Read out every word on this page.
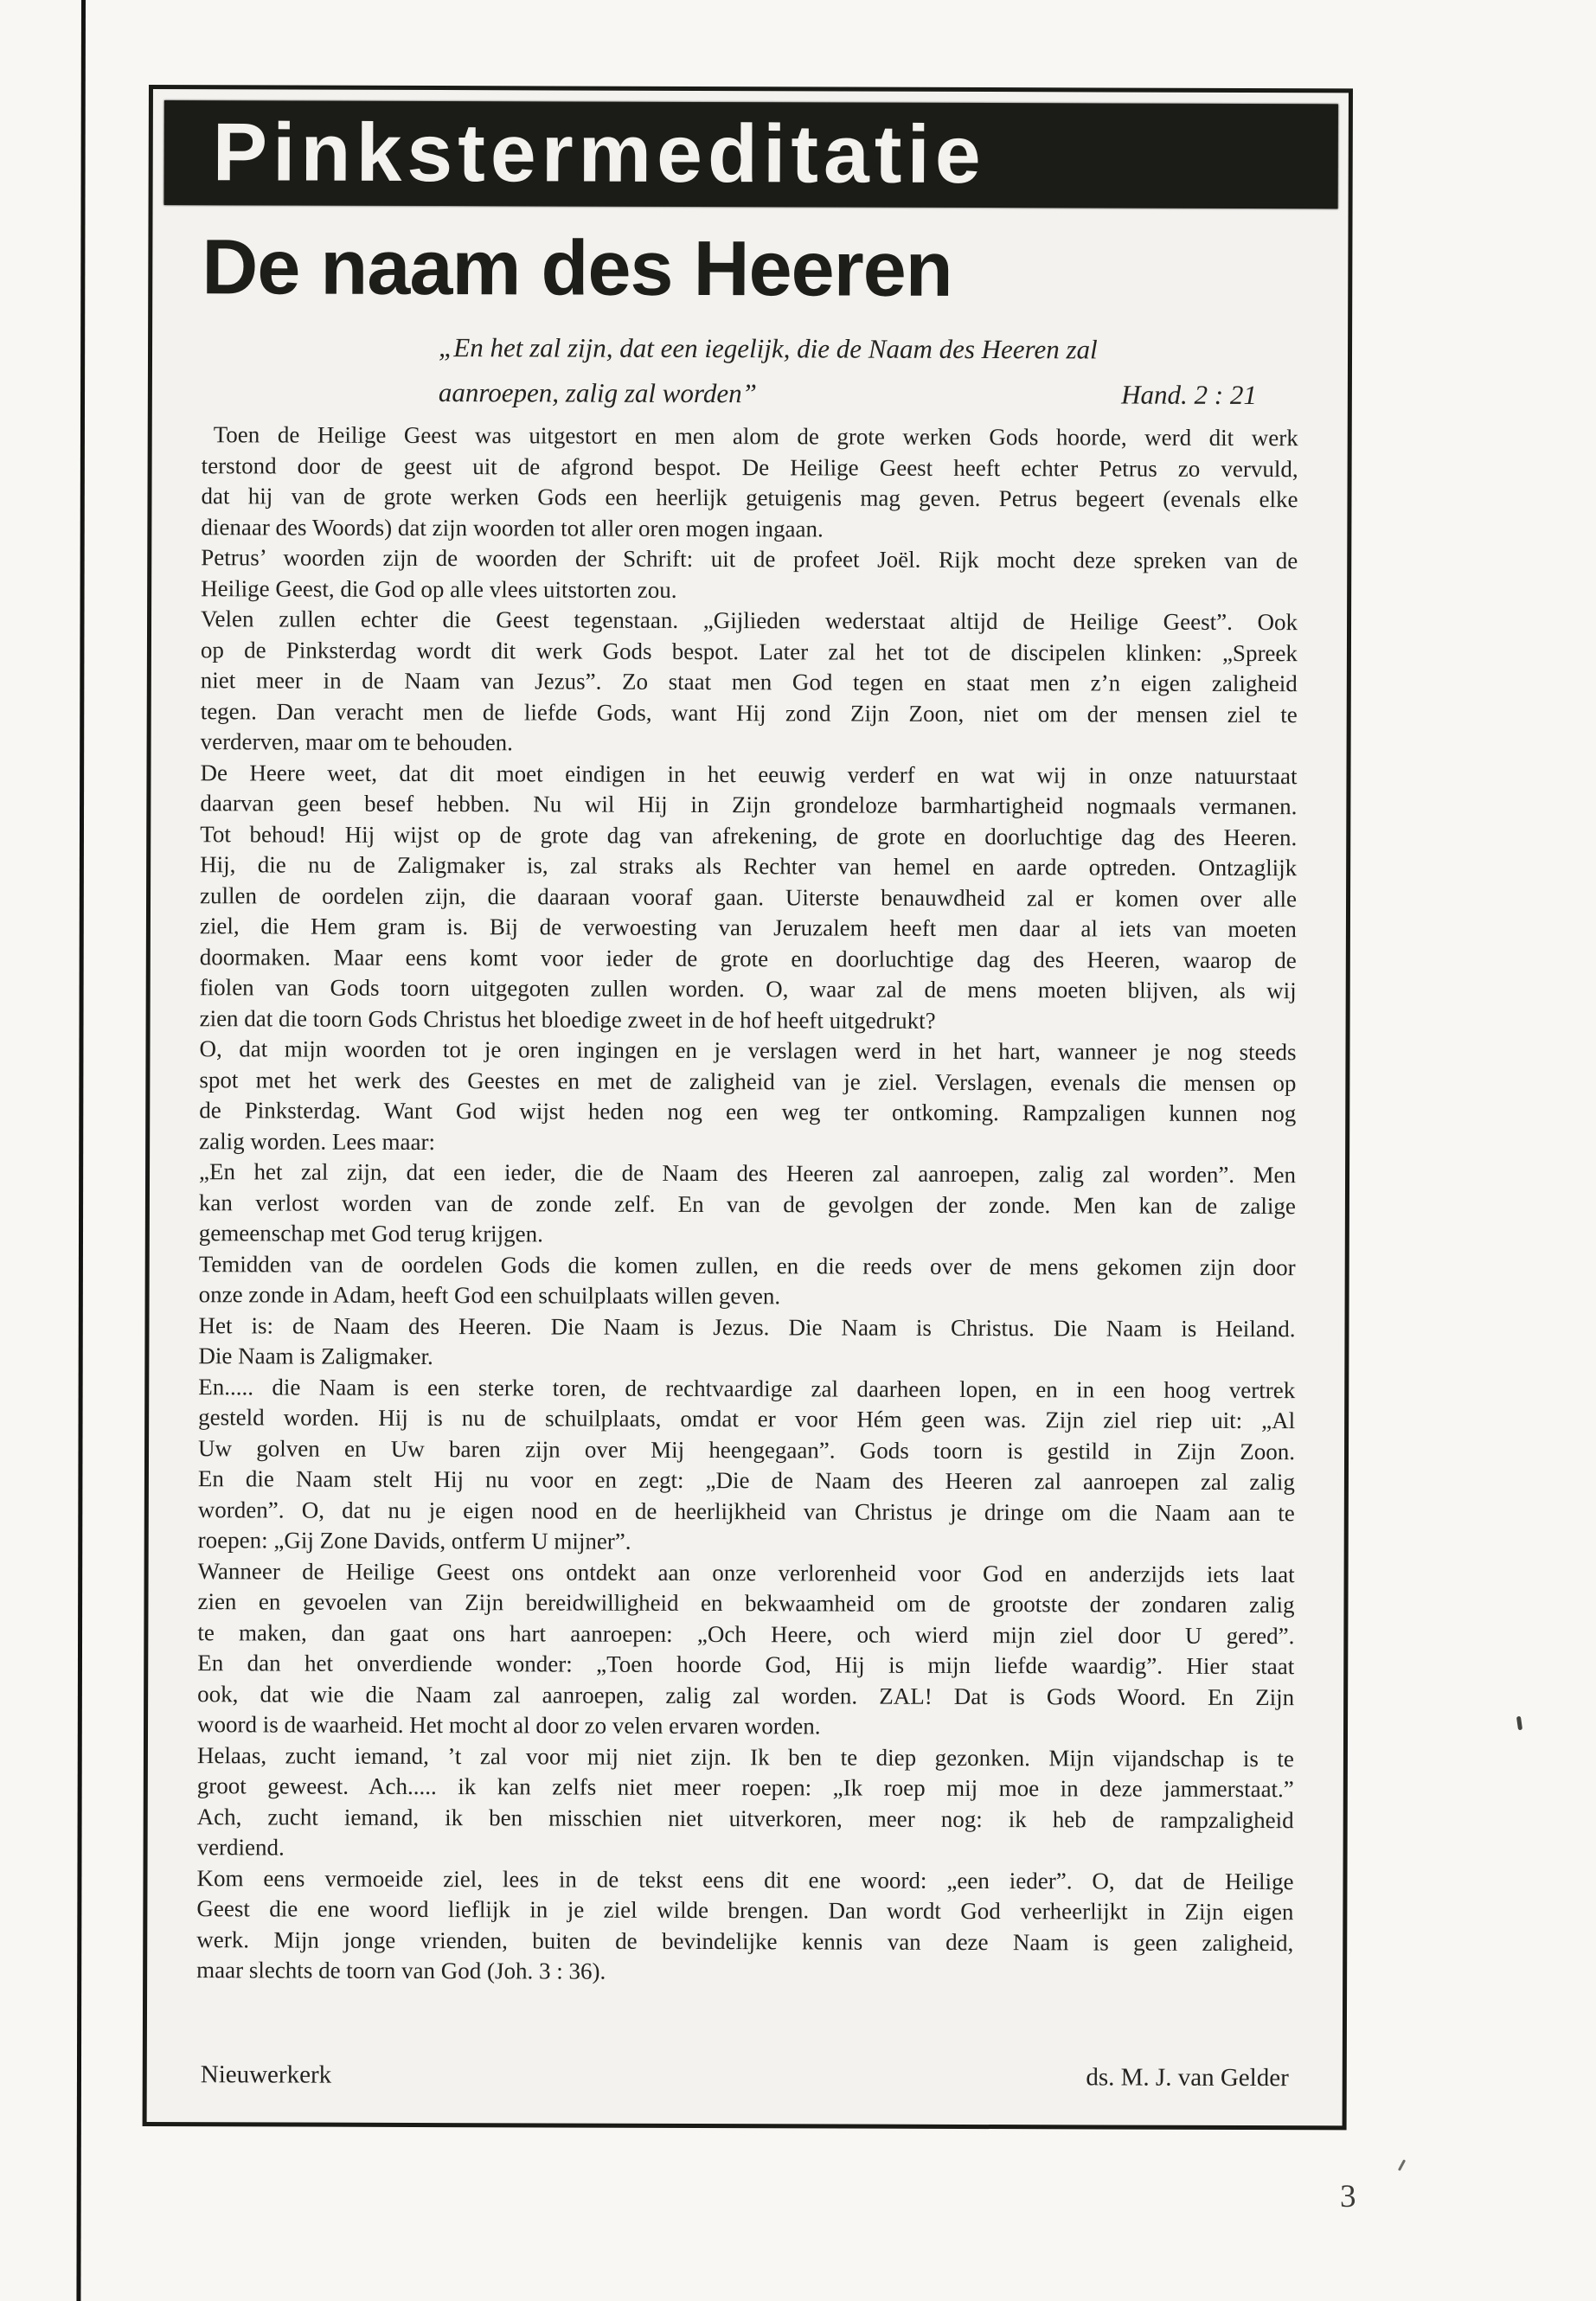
Pinkstermeditatie
De naam des Heeren
„En het zal zijn, dat een iegelijk, die de Naam des Heeren zal
aanroepen, zalig zal worden”	Hand. 2 : 21
Toen de Heilige Geest was uitgestort en men alom de grote werken Gods hoorde, werd dit werk
terstond door de geest uit de afgrond bespot. De Heilige Geest heeft echter Petrus zo vervuld,
dat hij van de grote werken Gods een heerlijk getuigenis mag geven. Petrus begeert (evenals elke
dienaar des Woords) dat zijn woorden tot aller oren mogen ingaan.
Petrus’ woorden zijn de woorden der Schrift: uit de profeet Joël. Rijk mocht deze spreken van de
Heilige Geest, die God op alle vlees uitstorten zou.
Velen zullen echter die Geest tegenstaan. „Gijlieden wederstaat altijd de Heilige Geest”. Ook
op de Pinksterdag wordt dit werk Gods bespot. Later zal het tot de discipelen klinken: „Spreek
niet meer in de Naam van Jezus”. Zo staat men God tegen en staat men z’n eigen zaligheid
tegen. Dan veracht men de liefde Gods, want Hij zond Zijn Zoon, niet om der mensen ziel te
verderven, maar om te behouden.
De Heere weet, dat dit moet eindigen in het eeuwig verderf en wat wij in onze natuurstaat
daarvan geen besef hebben. Nu wil Hij in Zijn grondeloze barmhartigheid nogmaals vermanen.
Tot behoud! Hij wijst op de grote dag van afrekening, de grote en doorluchtige dag des Heeren.
Hij, die nu de Zaligmaker is, zal straks als Rechter van hemel en aarde optreden. Ontzaglijk
zullen de oordelen zijn, die daaraan vooraf gaan. Uiterste benauwdheid zal er komen over alle
ziel, die Hem gram is. Bij de verwoesting van Jeruzalem heeft men daar al iets van moeten
doormaken. Maar eens komt voor ieder de grote en doorluchtige dag des Heeren, waarop de
fiolen van Gods toorn uitgegoten zullen worden. O, waar zal de mens moeten blijven, als wij
zien dat die toorn Gods Christus het bloedige zweet in de hof heeft uitgedrukt?
O, dat mijn woorden tot je oren ingingen en je verslagen werd in het hart, wanneer je nog steeds
spot met het werk des Geestes en met de zaligheid van je ziel. Verslagen, evenals die mensen op
de Pinksterdag. Want God wijst heden nog een weg ter ontkoming. Rampzaligen kunnen nog
zalig worden. Lees maar:
„En het zal zijn, dat een ieder, die de Naam des Heeren zal aanroepen, zalig zal worden”. Men
kan verlost worden van de zonde zelf. En van de gevolgen der zonde. Men kan de zalige
gemeenschap met God terug krijgen.
Temidden van de oordelen Gods die komen zullen, en die reeds over de mens gekomen zijn door
onze zonde in Adam, heeft God een schuilplaats willen geven.
Het is: de Naam des Heeren. Die Naam is Jezus. Die Naam is Christus. Die Naam is Heiland.
Die Naam is Zaligmaker.
En..... die Naam is een sterke toren, de rechtvaardige zal daarheen lopen, en in een hoog vertrek
gesteld worden. Hij is nu de schuilplaats, omdat er voor Hém geen was. Zijn ziel riep uit: „Al
Uw golven en Uw baren zijn over Mij heengegaan”. Gods toorn is gestild in Zijn Zoon.
En die Naam stelt Hij nu voor en zegt: „Die de Naam des Heeren zal aanroepen zal zalig
worden”. O, dat nu je eigen nood en de heerlijkheid van Christus je dringe om die Naam aan te
roepen: „Gij Zone Davids, ontferm U mijner”.
Wanneer de Heilige Geest ons ontdekt aan onze verlorenheid voor God en anderzijds iets laat
zien en gevoelen van Zijn bereidwilligheid en bekwaamheid om de grootste der zondaren zalig
te maken, dan gaat ons hart aanroepen: „Och Heere, och wierd mijn ziel door U gered”.
En dan het onverdiende wonder: „Toen hoorde God, Hij is mijn liefde waardig”. Hier staat
ook, dat wie die Naam zal aanroepen, zalig zal worden. ZAL! Dat is Gods Woord. En Zijn
woord is de waarheid. Het mocht al door zo velen ervaren worden.
Helaas, zucht iemand, ’t zal voor mij niet zijn. Ik ben te diep gezonken. Mijn vijandschap is te
groot geweest. Ach..... ik kan zelfs niet meer roepen: „Ik roep mij moe in deze jammerstaat.”
Ach, zucht iemand, ik ben misschien niet uitverkoren, meer nog: ik heb de rampzaligheid
verdiend.
Kom eens vermoeide ziel, lees in de tekst eens dit ene woord: „een ieder”. O, dat de Heilige
Geest die ene woord lieflijk in je ziel wilde brengen. Dan wordt God verheerlijkt in Zijn eigen
werk. Mijn jonge vrienden, buiten de bevindelijke kennis van deze Naam is geen zaligheid,
maar slechts de toorn van God (Joh. 3 : 36).
Nieuwerkerk	ds. M. J. van Gelder
3
